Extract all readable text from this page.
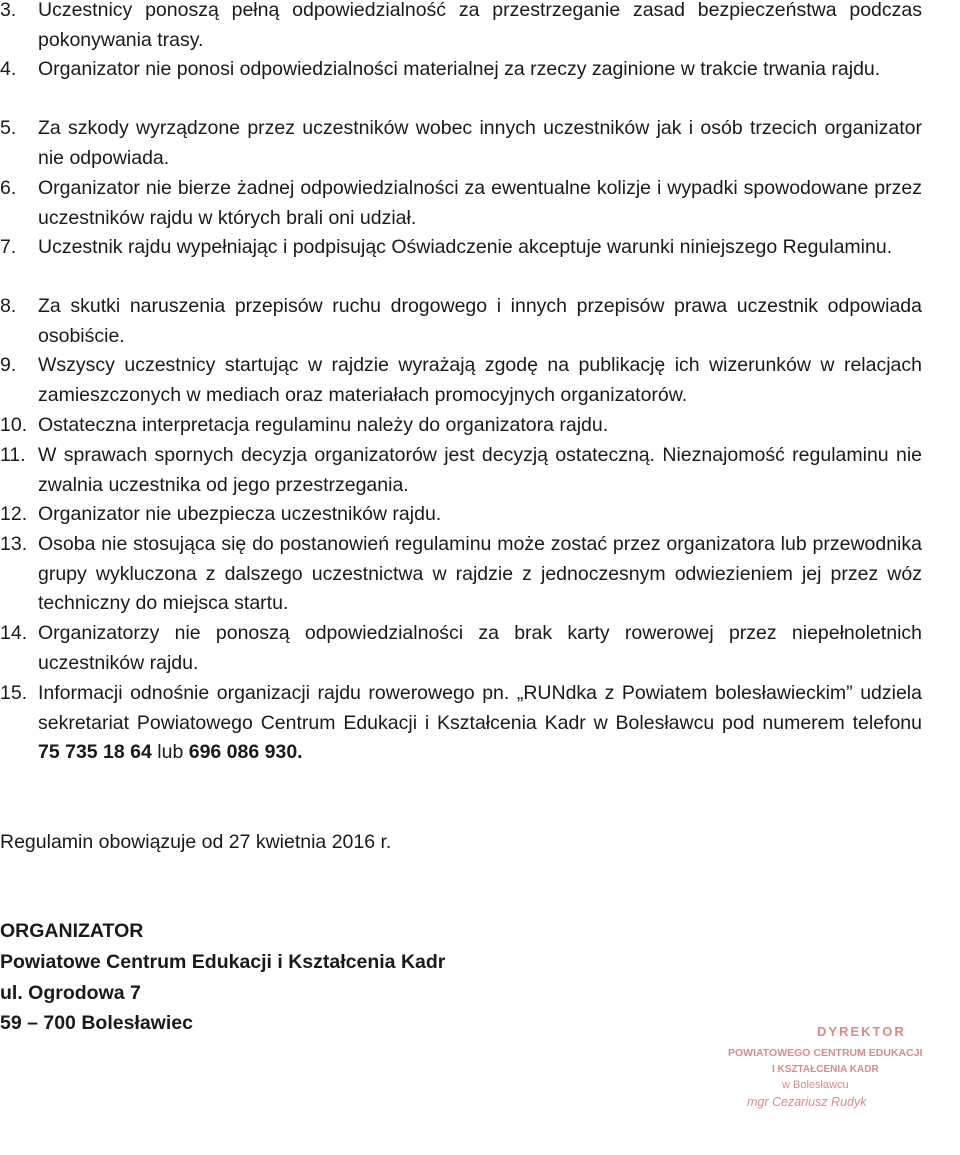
3.	Uczestnicy ponoszą pełną odpowiedzialność za przestrzeganie zasad bezpieczeństwa podczas pokonywania trasy.
4.	Organizator nie ponosi odpowiedzialności materialnej za rzeczy zaginione w trakcie trwania rajdu.
5.	Za szkody wyrządzone przez uczestników wobec innych uczestników jak i osób trzecich organizator nie odpowiada.
6.	Organizator nie bierze żadnej odpowiedzialności za ewentualne kolizje i wypadki spowodowane przez uczestników rajdu w których brali oni udział.
7.	Uczestnik rajdu wypełniając i podpisując Oświadczenie akceptuje warunki niniejszego Regulaminu.
8.	Za skutki naruszenia przepisów ruchu drogowego i innych przepisów prawa uczestnik odpowiada osobiście.
9.	Wszyscy uczestnicy startując w rajdzie wyrażają zgodę na publikację ich wizerunków w relacjach zamieszczonych w mediach oraz materiałach promocyjnych organizatorów.
10. Ostateczna interpretacja regulaminu należy do organizatora rajdu.
11. W sprawach spornych decyzja organizatorów jest decyzją ostateczną. Nieznajomość regulaminu nie zwalnia uczestnika od jego przestrzegania.
12. Organizator nie ubezpiecza uczestników rajdu.
13. Osoba nie stosująca się do postanowień regulaminu może zostać przez organizatora lub przewodnika grupy wykluczona z dalszego uczestnictwa w rajdzie z jednoczesnym odwiezieniem jej przez wóz techniczny do miejsca startu.
14. Organizatorzy nie ponoszą odpowiedzialności za brak karty rowerowej przez niepełnoletnich uczestników rajdu.
15. Informacji odnośnie organizacji rajdu rowerowego pn. „RUNdka z Powiatem bolesławieckim” udziela sekretariat Powiatowego Centrum Edukacji i Kształcenia Kadr w Bolesławcu pod numerem telefonu 75 735 18 64 lub 696 086 930.
Regulamin obowiązuje od 27 kwietnia 2016 r.
ORGANIZATOR
Powiatowe Centrum Edukacji i Kształcenia Kadr
ul. Ogrodowa 7
59 – 700 Bolesławiec	DYREKTOR
POWIATOWEGO CENTRUM EDUKACJI
I KSZTAŁCENIA KADR
w Bolesławcu
mgr Cezariusz Rudyk
